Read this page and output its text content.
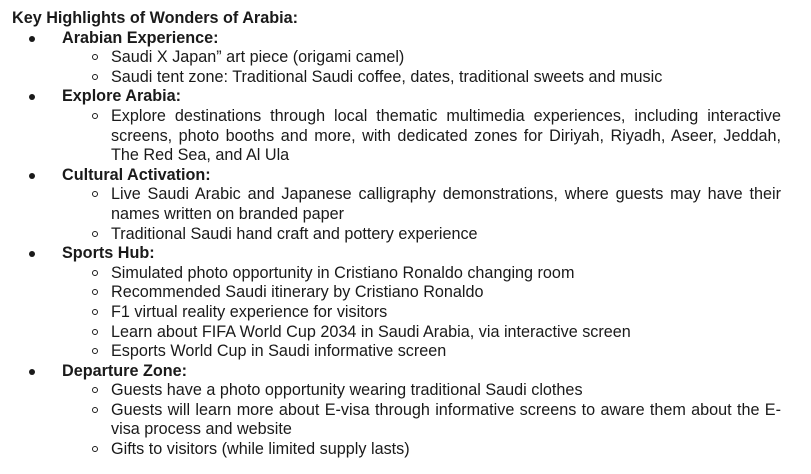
Key Highlights of Wonders of Arabia:
Arabian Experience:
Saudi X Japan” art piece (origami camel)
Saudi tent zone: Traditional Saudi coffee, dates, traditional sweets and music
Explore Arabia:
Explore destinations through local thematic multimedia experiences, including interactive screens, photo booths and more, with dedicated zones for Diriyah, Riyadh, Aseer, Jeddah, The Red Sea, and Al Ula
Cultural Activation:
Live Saudi Arabic and Japanese calligraphy demonstrations, where guests may have their names written on branded paper
Traditional Saudi hand craft and pottery experience
Sports Hub:
Simulated photo opportunity in Cristiano Ronaldo changing room
Recommended Saudi itinerary by Cristiano Ronaldo
F1 virtual reality experience for visitors
Learn about FIFA World Cup 2034 in Saudi Arabia, via interactive screen
Esports World Cup in Saudi informative screen
Departure Zone:
Guests have a photo opportunity wearing traditional Saudi clothes
Guests will learn more about E-visa through informative screens to aware them about the E-visa process and website
Gifts to visitors (while limited supply lasts)
